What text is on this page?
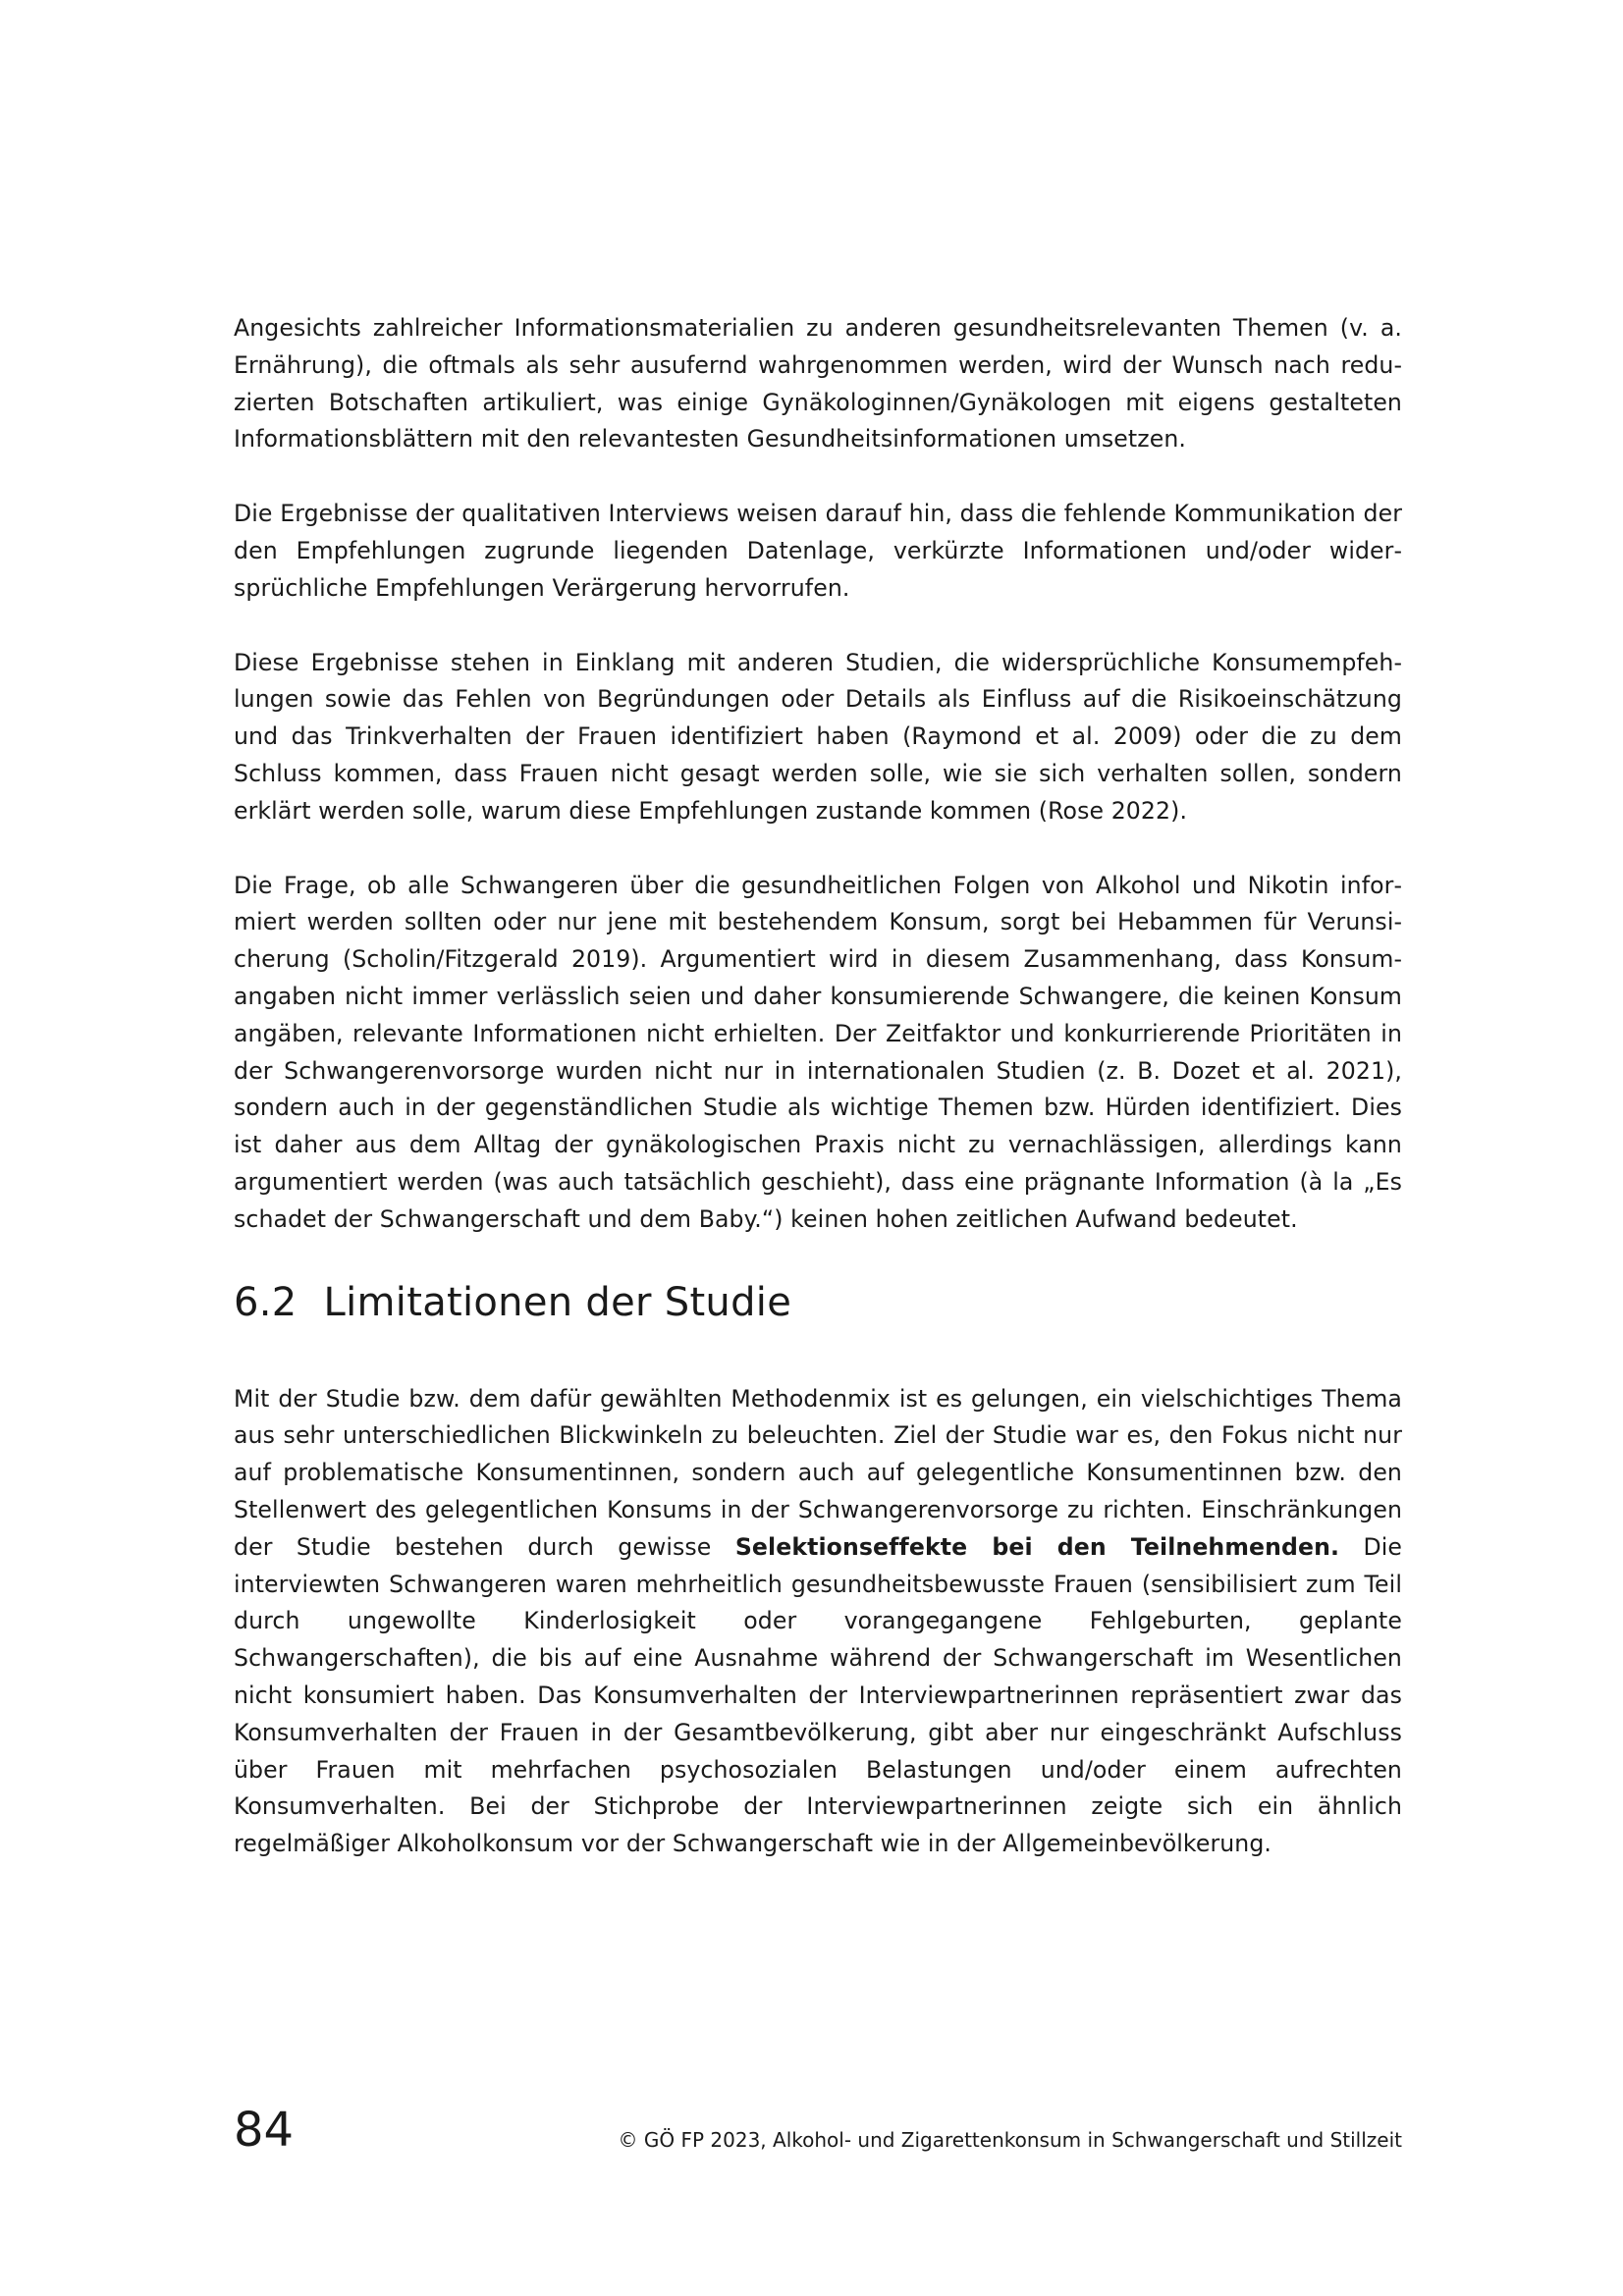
Angesichts zahlreicher Informationsmaterialien zu anderen gesundheitsrelevanten Themen (v. a. Ernährung), die oftmals als sehr ausufernd wahrgenommen werden, wird der Wunsch nach reduzierten Botschaften artikuliert, was einige Gynäkologinnen/Gynäkologen mit eigens gestalteten Informationsblättern mit den relevantesten Gesundheitsinformationen umsetzen.

Die Ergebnisse der qualitativen Interviews weisen darauf hin, dass die fehlende Kommunikation der den Empfehlungen zugrunde liegenden Datenlage, verkürzte Informationen und/oder widersprüchliche Empfehlungen Verärgerung hervorrufen.

Diese Ergebnisse stehen in Einklang mit anderen Studien, die widersprüchliche Konsumempfehlungen sowie das Fehlen von Begründungen oder Details als Einfluss auf die Risikoeinschätzung und das Trinkverhalten der Frauen identifiziert haben (Raymond et al. 2009) oder die zu dem Schluss kommen, dass Frauen nicht gesagt werden solle, wie sie sich verhalten sollen, sondern erklärt werden solle, warum diese Empfehlungen zustande kommen (Rose 2022).

Die Frage, ob alle Schwangeren über die gesundheitlichen Folgen von Alkohol und Nikotin informiert werden sollten oder nur jene mit bestehendem Konsum, sorgt bei Hebammen für Verunsicherung (Scholin/Fitzgerald 2019). Argumentiert wird in diesem Zusammenhang, dass Konsumangaben nicht immer verlässlich seien und daher konsumierende Schwangere, die keinen Konsum angäben, relevante Informationen nicht erhielten. Der Zeitfaktor und konkurrierende Prioritäten in der Schwangerenvorsorge wurden nicht nur in internationalen Studien (z. B. Dozet et al. 2021), sondern auch in der gegenständlichen Studie als wichtige Themen bzw. Hürden identifiziert. Dies ist daher aus dem Alltag der gynäkologischen Praxis nicht zu vernachlässigen, allerdings kann argumentiert werden (was auch tatsächlich geschieht), dass eine prägnante Information (à la „Es schadet der Schwangerschaft und dem Baby.“) keinen hohen zeitlichen Aufwand bedeutet.

6.2 Limitationen der Studie

Mit der Studie bzw. dem dafür gewählten Methodenmix ist es gelungen, ein vielschichtiges Thema aus sehr unterschiedlichen Blickwinkeln zu beleuchten. Ziel der Studie war es, den Fokus nicht nur auf problematische Konsumentinnen, sondern auch auf gelegentliche Konsumentinnen bzw. den Stellenwert des gelegentlichen Konsums in der Schwangerenvorsorge zu richten. Einschränkungen der Studie bestehen durch gewisse Selektionseffekte bei den Teilnehmenden. Die interviewten Schwangeren waren mehrheitlich gesundheitsbewusste Frauen (sensibilisiert zum Teil durch ungewollte Kinderlosigkeit oder vorangegangene Fehlgeburten, geplante Schwangerschaften), die bis auf eine Ausnahme während der Schwangerschaft im Wesentlichen nicht konsumiert haben. Das Konsumverhalten der Interviewpartnerinnen repräsentiert zwar das Konsumverhalten der Frauen in der Gesamtbevölkerung, gibt aber nur eingeschränkt Aufschluss über Frauen mit mehrfachen psychosozialen Belastungen und/oder einem aufrechten Konsumverhalten. Bei der Stichprobe der Interviewpartnerinnen zeigte sich ein ähnlich regelmäßiger Alkoholkonsum vor der Schwangerschaft wie in der Allgemeinbevölkerung.

84	© GÖ FP 2023, Alkohol- und Zigarettenkonsum in Schwangerschaft und Stillzeit
